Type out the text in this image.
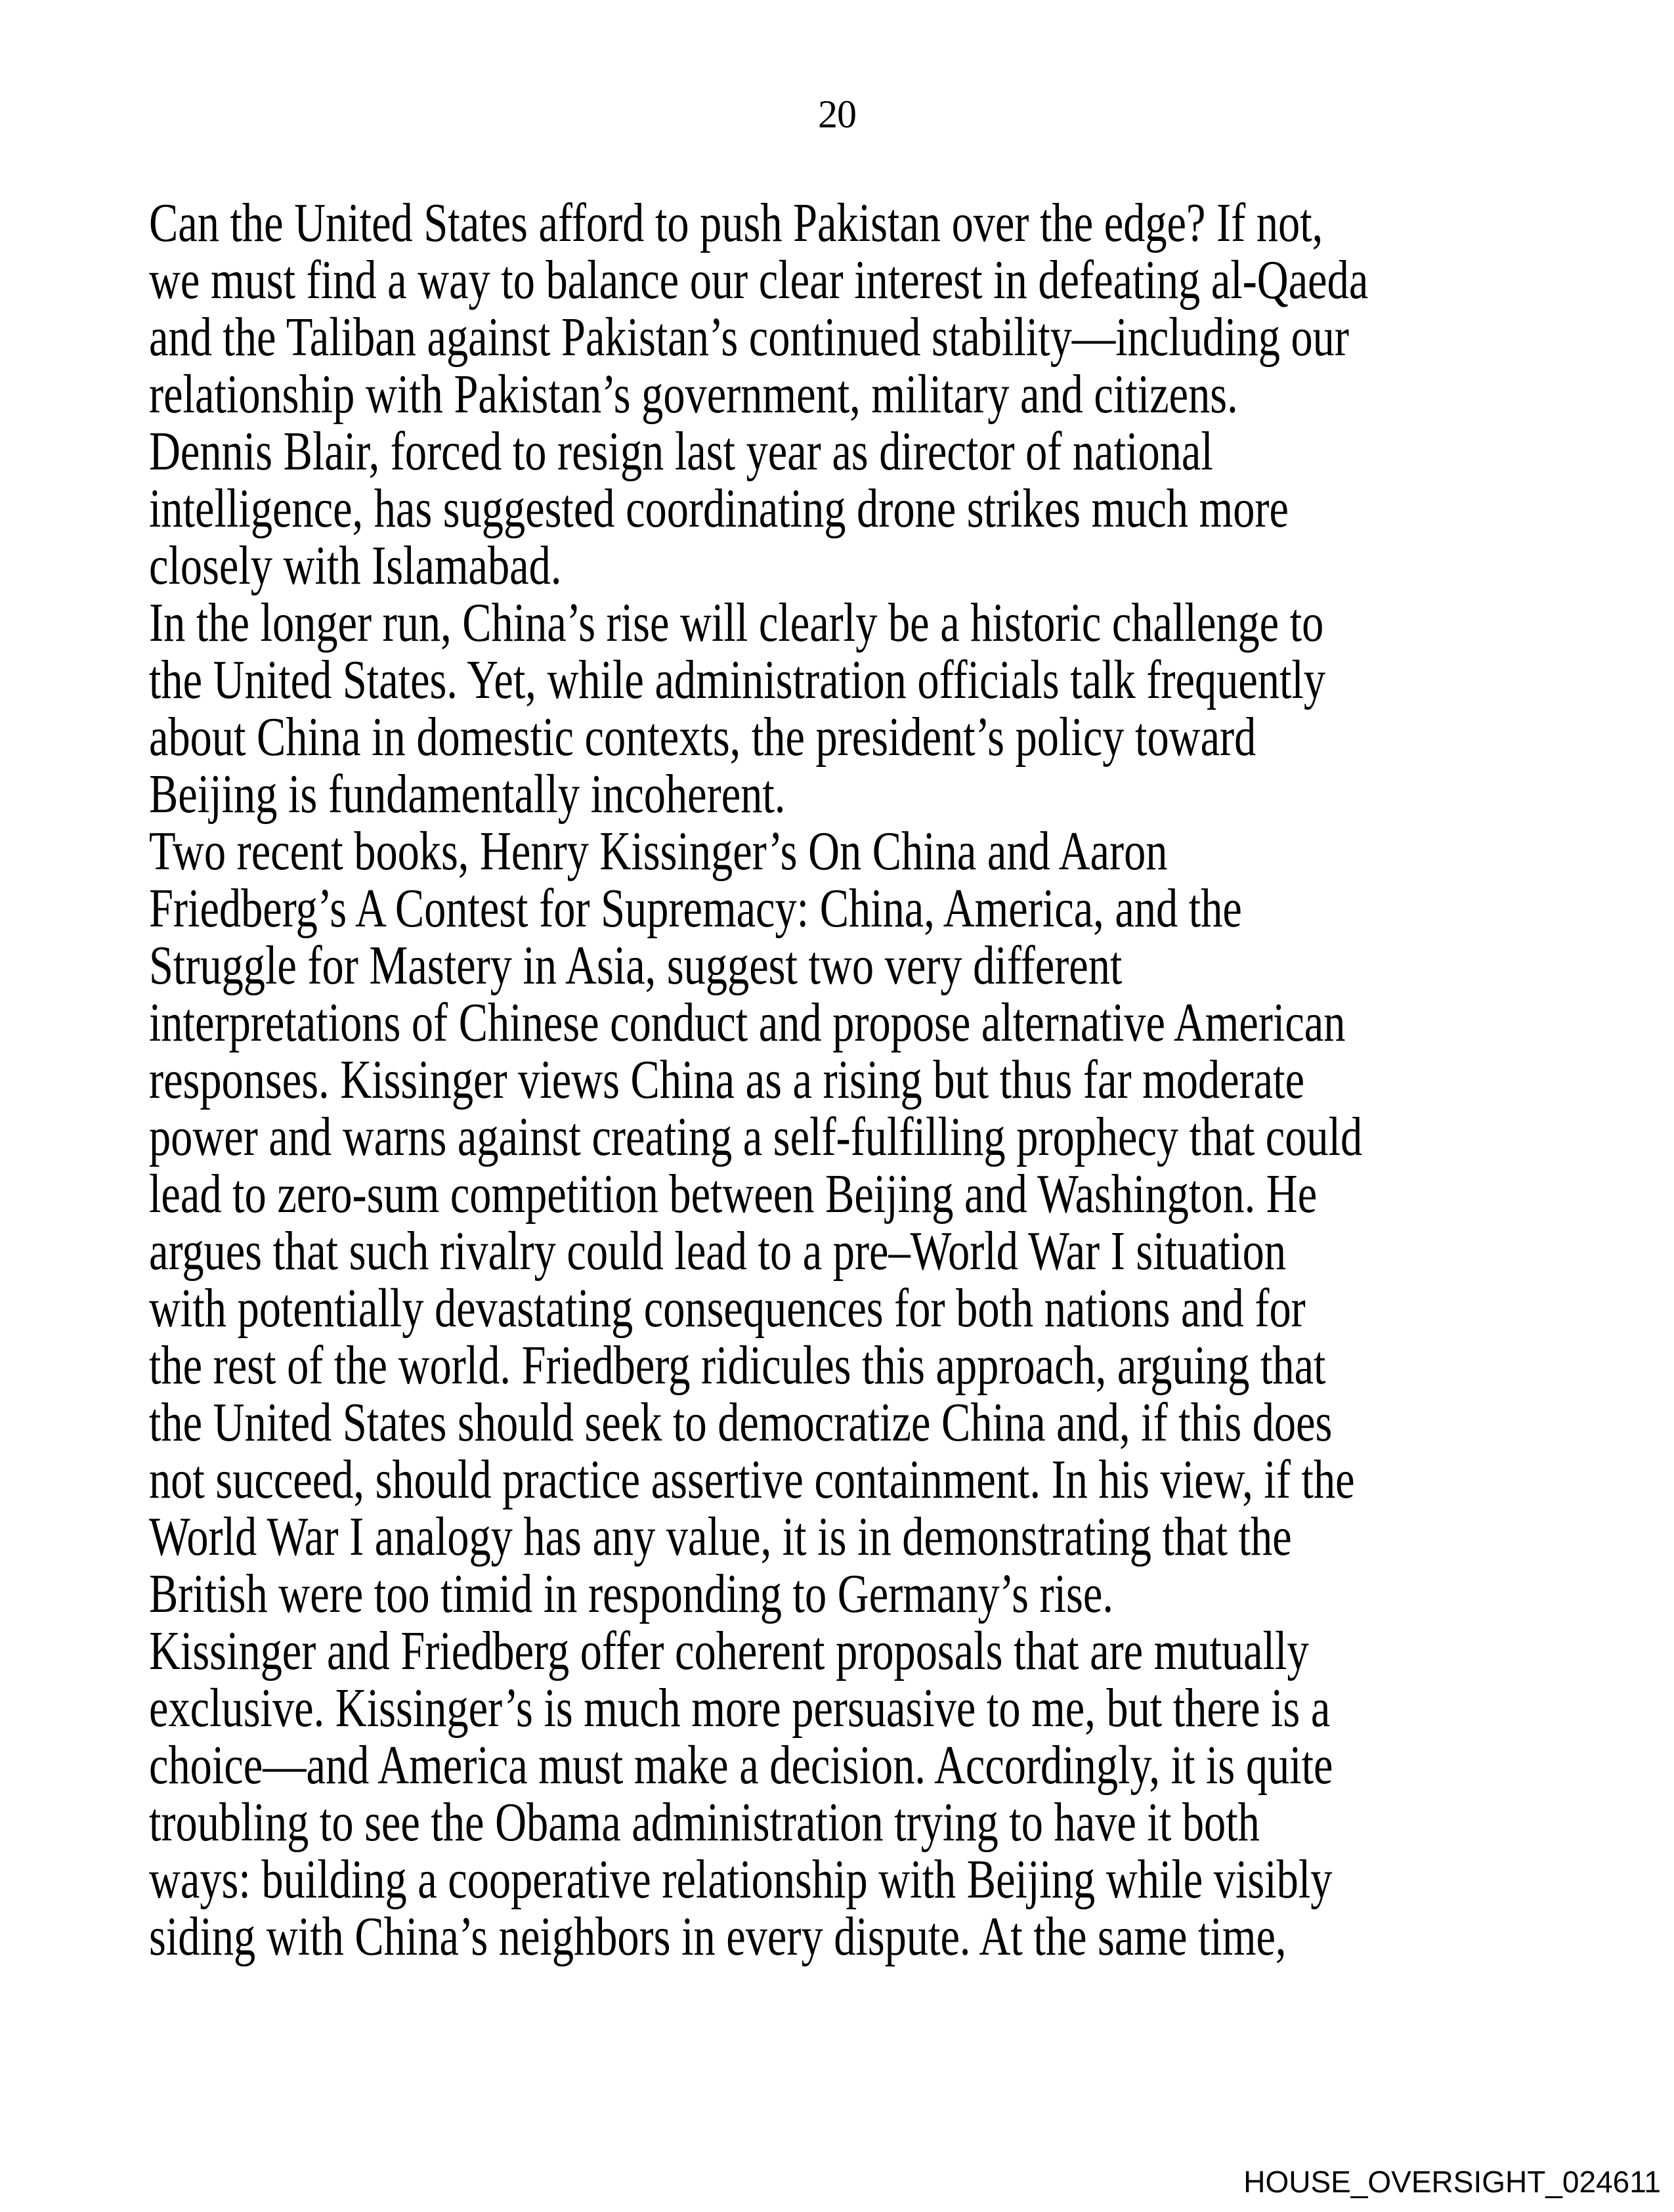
20
Can the United States afford to push Pakistan over the edge? If not,
we must find a way to balance our clear interest in defeating al-Qaeda
and the Taliban against Pakistan’s continued stability—including our
relationship with Pakistan’s government, military and citizens.
Dennis Blair, forced to resign last year as director of national
intelligence, has suggested coordinating drone strikes much more
closely with Islamabad.
In the longer run, China’s rise will clearly be a historic challenge to
the United States. Yet, while administration officials talk frequently
about China in domestic contexts, the president’s policy toward
Beijing is fundamentally incoherent.
Two recent books, Henry Kissinger’s On China and Aaron
Friedberg’s A Contest for Supremacy: China, America, and the
Struggle for Mastery in Asia, suggest two very different
interpretations of Chinese conduct and propose alternative American
responses. Kissinger views China as a rising but thus far moderate
power and warns against creating a self-fulfilling prophecy that could
lead to zero-sum competition between Beijing and Washington. He
argues that such rivalry could lead to a pre–World War I situation
with potentially devastating consequences for both nations and for
the rest of the world. Friedberg ridicules this approach, arguing that
the United States should seek to democratize China and, if this does
not succeed, should practice assertive containment. In his view, if the
World War I analogy has any value, it is in demonstrating that the
British were too timid in responding to Germany’s rise.
Kissinger and Friedberg offer coherent proposals that are mutually
exclusive. Kissinger’s is much more persuasive to me, but there is a
choice—and America must make a decision. Accordingly, it is quite
troubling to see the Obama administration trying to have it both
ways: building a cooperative relationship with Beijing while visibly
siding with China’s neighbors in every dispute. At the same time,
HOUSE_OVERSIGHT_024611
